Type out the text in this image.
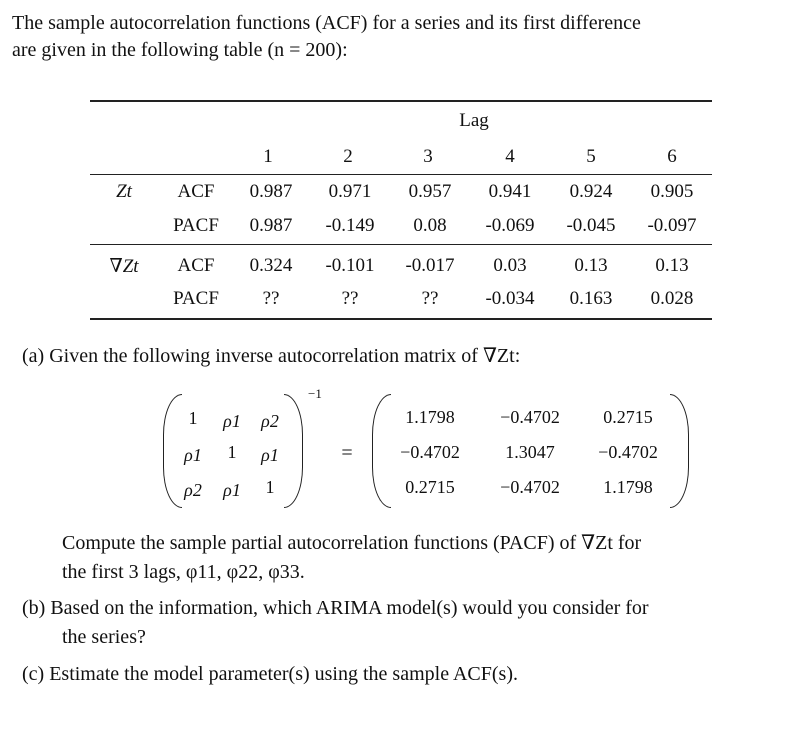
The sample autocorrelation functions (ACF) for a series and its first difference
are given in the following table (n = 200):
Lag
1	2	3	4	5	6
Zt ACF 0.987 0.971 0.957 0.941 0.924 0.905
PACF 0.987 -0.149 0.08 -0.069 -0.045 -0.097
∇Zt ACF 0.324 -0.101 -0.017 0.03	0.13	0.13
PACF ??	??	?? -0.034 0.163 0.028
(a) Given the following inverse autocorrelation matrix of ∇Zt:
1 ρ1 ρ2
ρ1 1 ρ1
ρ2 ρ1 1
−1
=
1.1798	−0.4702 0.2715
−0.4702	1.3047 −0.4702
0.2715	−0.4702 1.1798
Compute the sample partial autocorrelation functions (PACF) of ∇Zt for
the first 3 lags, φ11, φ22, φ33.
(b) Based on the information, which ARIMA model(s) would you consider for
the series?
(c) Estimate the model parameter(s) using the sample ACF(s).
